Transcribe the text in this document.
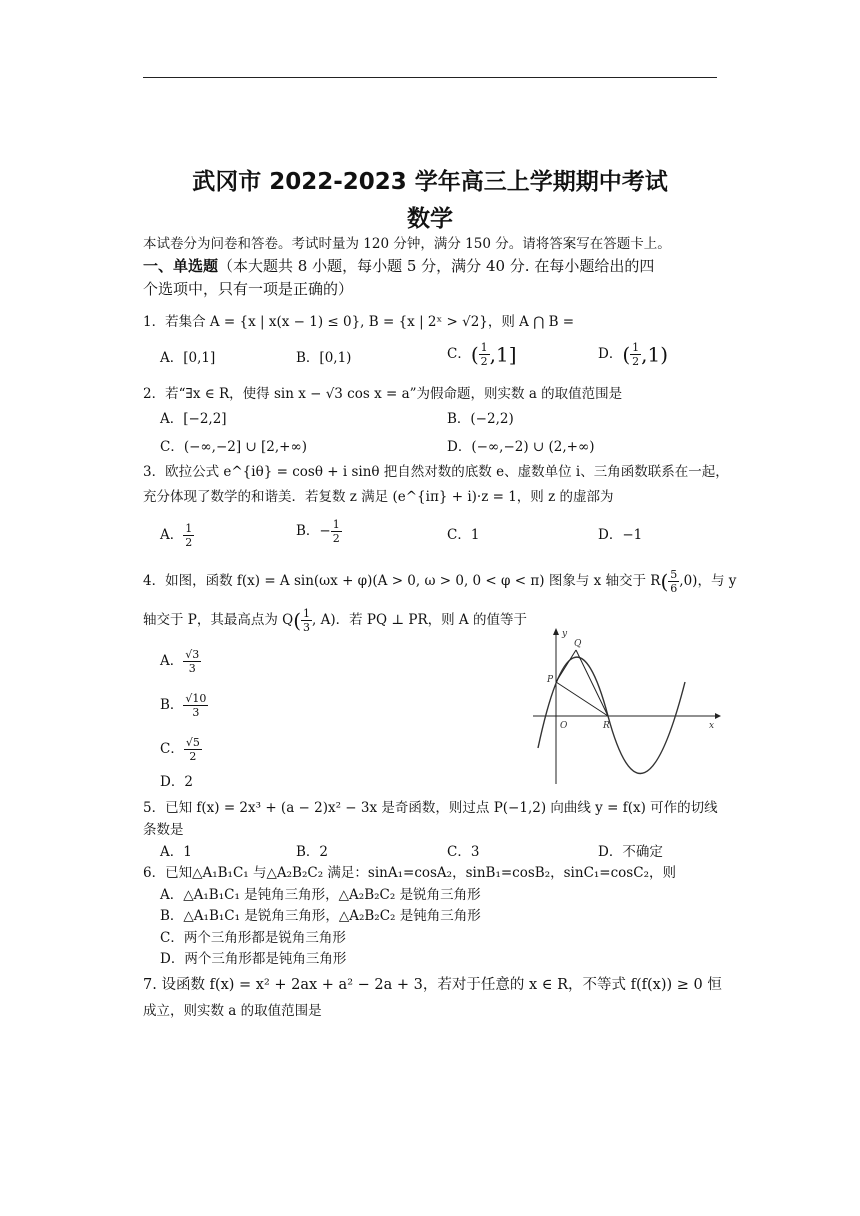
武冈市 2022-2023 学年高三上学期期中考试
数学
本试卷分为问卷和答卷。考试时量为 120 分钟，满分 150 分。请将答案写在答题卡上。
一、单选题（本大题共 8 小题，每小题 5 分，满分 40 分. 在每小题给出的四
个选项中，只有一项是正确的）
1．若集合 A = {x | x(x − 1) ≤ 0}, B = {x | 2ˣ > √2}，则 A ⋂ B =
A．[0,1]	B．[0,1)	C．( $\frac{1}{2} ,1$]	D．( $\frac{1}{2} ,1$)
2．若“∃x ∈ R，使得 sin x − √3 cos x = a”为假命题，则实数 a 的取值范围是
A．[−2,2]	B．(−2,2)
C．(−∞,−2] ∪ [2,+∞)	D．(−∞,−2) ∪ (2,+∞)
3．欧拉公式 e^{iθ} = cosθ + i sinθ 把自然对数的底数 e、虚数单位 i、三角函数联系在一起，
充分体现了数学的和谐美．若复数 z 满足 (e^{iπ} + i)·z = 1，则 z 的虚部为
A． $\frac{1}{2}$	B．− $\frac{1}{2}$	C．1	D．−1
4．如图，函数 f(x) = A sin(ωx + φ)(A > 0, ω > 0, 0 < φ < π) 图象与 x 轴交于 $R( \frac{5}{6} ,0)$，与 y
轴交于 P，其最高点为 $Q( \frac{1}{3}$ , A)．若 PQ ⊥ PR，则 A 的值等于
A． $\frac{√3}{3}$
B． $\frac{√10}{3}$
C． $\frac{√5}{2}$
D．2
y
x
O
P
Q
R
5．已知 f(x) = 2x³ + (a − 2)x² − 3x 是奇函数，则过点 P(−1,2) 向曲线 y = f(x) 可作的切线
条数是
A．1	B．2	C．3	D．不确定
6．已知△A₁B₁C₁ 与△A₂B₂C₂ 满足：sinA₁=cosA₂，sinB₁=cosB₂，sinC₁=cosC₂，则
A．△A₁B₁C₁ 是钝角三角形，△A₂B₂C₂ 是锐角三角形
B．△A₁B₁C₁ 是锐角三角形，△A₂B₂C₂ 是钝角三角形
C．两个三角形都是锐角三角形
D．两个三角形都是钝角三角形
7. 设函数 f(x) = x² + 2ax + a² − 2a + 3，若对于任意的 x ∈ R，不等式 f(f(x)) ≥ 0 恒
成立，则实数 a 的取值范围是
